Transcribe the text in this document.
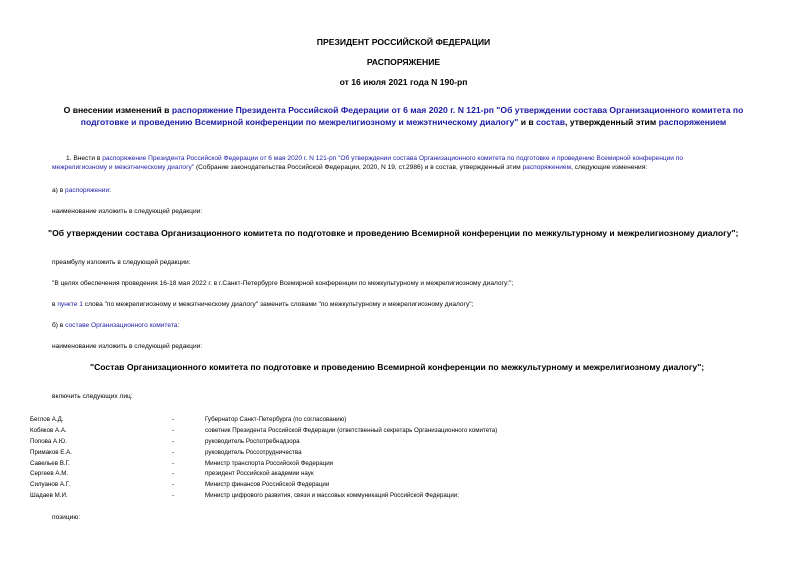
ПРЕЗИДЕНТ РОССИЙСКОЙ ФЕДЕРАЦИИ
РАСПОРЯЖЕНИЕ
от 16 июля 2021 года N 190-рп
О внесении изменений в распоряжение Президента Российской Федерации от 6 мая 2020 г. N 121-рп "Об утверждении состава Организационного комитета по
подготовке и проведению Всемирной конференции по межрелигиозному и межэтническому диалогу" и в состав, утвержденный этим распоряжением
1. Внести в распоряжение Президента Российской Федерации от 6 мая 2020 г. N 121-рп "Об утверждении состава Организационного комитета по подготовке и проведению Всемирной конференции по
межрелигиозному и межэтническому диалогу" (Собрание законодательства Российской Федерации, 2020, N 19, ст.2986) и в состав, утвержденный этим распоряжением, следующие изменения:
а) в распоряжении:
наименование изложить в следующей редакции:
"Об утверждении состава Организационного комитета по подготовке и проведению Всемирной конференции по межкультурному и межрелигиозному диалогу";
преамбулу изложить в следующей редакции:
"В целях обеспечения проведения 16-18 мая 2022 г. в г.Санкт-Петербурге Всемирной конференции по межкультурному и межрелигиозному диалогу:";
в пункте 1 слова "по межрелигиозному и межэтническому диалогу" заменить словами "по межкультурному и межрелигиозному диалогу";
б) в составе Организационного комитета:
наименование изложить в следующей редакции:
"Состав Организационного комитета по подготовке и проведению Всемирной конференции по межкультурному и межрелигиозному диалогу";
включить следующих лиц:
Беглов А.Д.	-	Губернатор Санкт-Петербурга (по согласованию)
Кобяков А.А.	-	советник Президента Российской Федерации (ответственный секретарь Организационного комитета)
Попова А.Ю.	-	руководитель Роспотребнадзора
Примаков Е.А.	-	руководитель Россотрудничества
Савельев В.Г.	-	Министр транспорта Российской Федерации
Сергеев А.М.	-	президент Российской академии наук
Силуанов А.Г.	-	Министр финансов Российской Федерации
Шадаев М.И.	-	Министр цифрового развития, связи и массовых коммуникаций Российской Федерации;
позицию:
